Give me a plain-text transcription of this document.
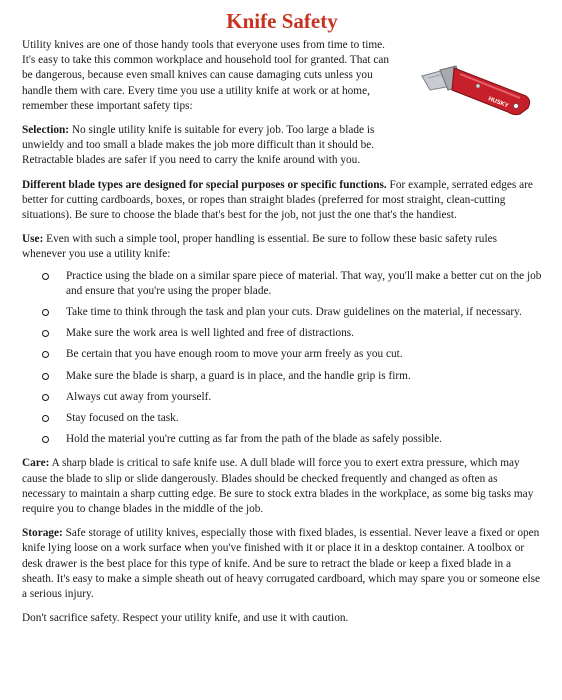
Knife Safety
HUSKY

Utility knives are one of those handy tools that everyone uses from time to time. It's easy to take this common workplace and household tool for granted. That can be dangerous, because even small knives can cause damaging cuts unless you handle them with care. Every time you use a utility knife at work or at home, remember these important safety tips:

Selection: No single utility knife is suitable for every job. Too large a blade is unwieldy and too small a blade makes the job more difficult than it should be. Retractable blades are safer if you need to carry the knife around with you.

Different blade types are designed for special purposes or specific functions. For example, serrated edges are better for cutting cardboards, boxes, or ropes than straight blades (preferred for most straight, clean-cutting situations). Be sure to choose the blade that's best for the job, not just the one that's the handiest.

Use: Even with such a simple tool, proper handling is essential. Be sure to follow these basic safety rules whenever you use a utility knife:

Practice using the blade on a similar spare piece of material. That way, you'll make a better cut on the job and ensure that you're using the proper blade.
Take time to think through the task and plan your cuts. Draw guidelines on the material, if necessary.
Make sure the work area is well lighted and free of distractions.
Be certain that you have enough room to move your arm freely as you cut.
Make sure the blade is sharp, a guard is in place, and the handle grip is firm.
Always cut away from yourself.
Stay focused on the task.
Hold the material you're cutting as far from the path of the blade as safely possible.

Care: A sharp blade is critical to safe knife use. A dull blade will force you to exert extra pressure, which may cause the blade to slip or slide dangerously. Blades should be checked frequently and changed as often as necessary to maintain a sharp cutting edge. Be sure to stock extra blades in the workplace, as some big tasks may require you to change blades in the middle of the job.

Storage: Safe storage of utility knives, especially those with fixed blades, is essential. Never leave a fixed or open knife lying loose on a work surface when you've finished with it or place it in a desktop container. A toolbox or desk drawer is the best place for this type of knife. And be sure to retract the blade or keep a fixed blade in a sheath. It's easy to make a simple sheath out of heavy corrugated cardboard, which may spare you or someone else a serious injury.

Don't sacrifice safety. Respect your utility knife, and use it with caution.
